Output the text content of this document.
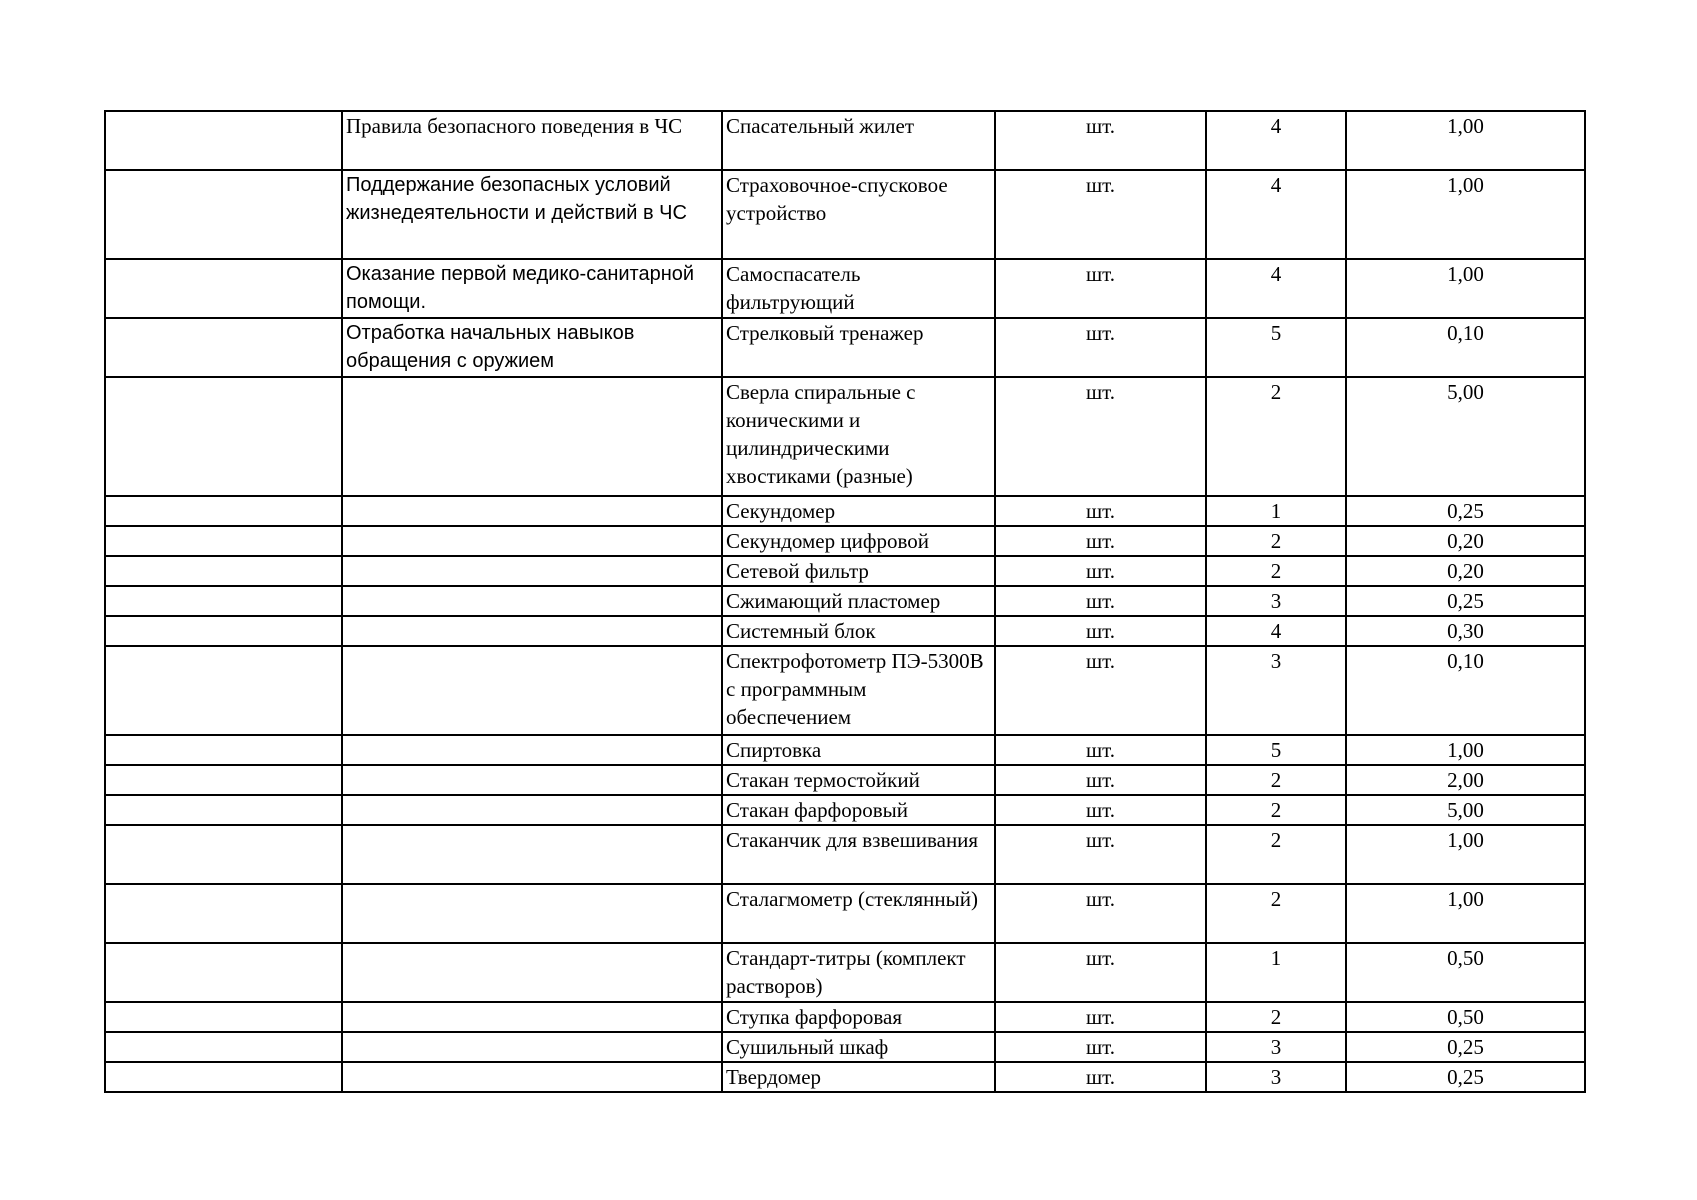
	Правила безопасного поведения в ЧС	Спасательный жилет	шт.	4	1,00
	Поддержание безопасных условий жизнедеятельности и действий в ЧС	Страховочное-спусковое устройство	шт.	4	1,00
	Оказание первой медико-санитарной помощи.	Самоспасатель фильтрующий	шт.	4	1,00
	Отработка начальных навыков обращения с оружием	Стрелковый тренажер	шт.	5	0,10
		Сверла спиральные с коническими и цилиндрическими хвостиками (разные)	шт.	2	5,00
		Секундомер	шт.	1	0,25
		Секундомер цифровой	шт.	2	0,20
		Сетевой фильтр	шт.	2	0,20
		Сжимающий пластомер	шт.	3	0,25
		Системный блок	шт.	4	0,30
		Спектрофотометр ПЭ-5300В с программным обеспечением	шт.	3	0,10
		Спиртовка	шт.	5	1,00
		Стакан термостойкий	шт.	2	2,00
		Стакан фарфоровый	шт.	2	5,00
		Стаканчик для взвешивания	шт.	2	1,00
		Сталагмометр (стеклянный)	шт.	2	1,00
		Стандарт-титры (комплект растворов)	шт.	1	0,50
		Ступка фарфоровая	шт.	2	0,50
		Сушильный шкаф	шт.	3	0,25
		Твердомер	шт.	3	0,25
